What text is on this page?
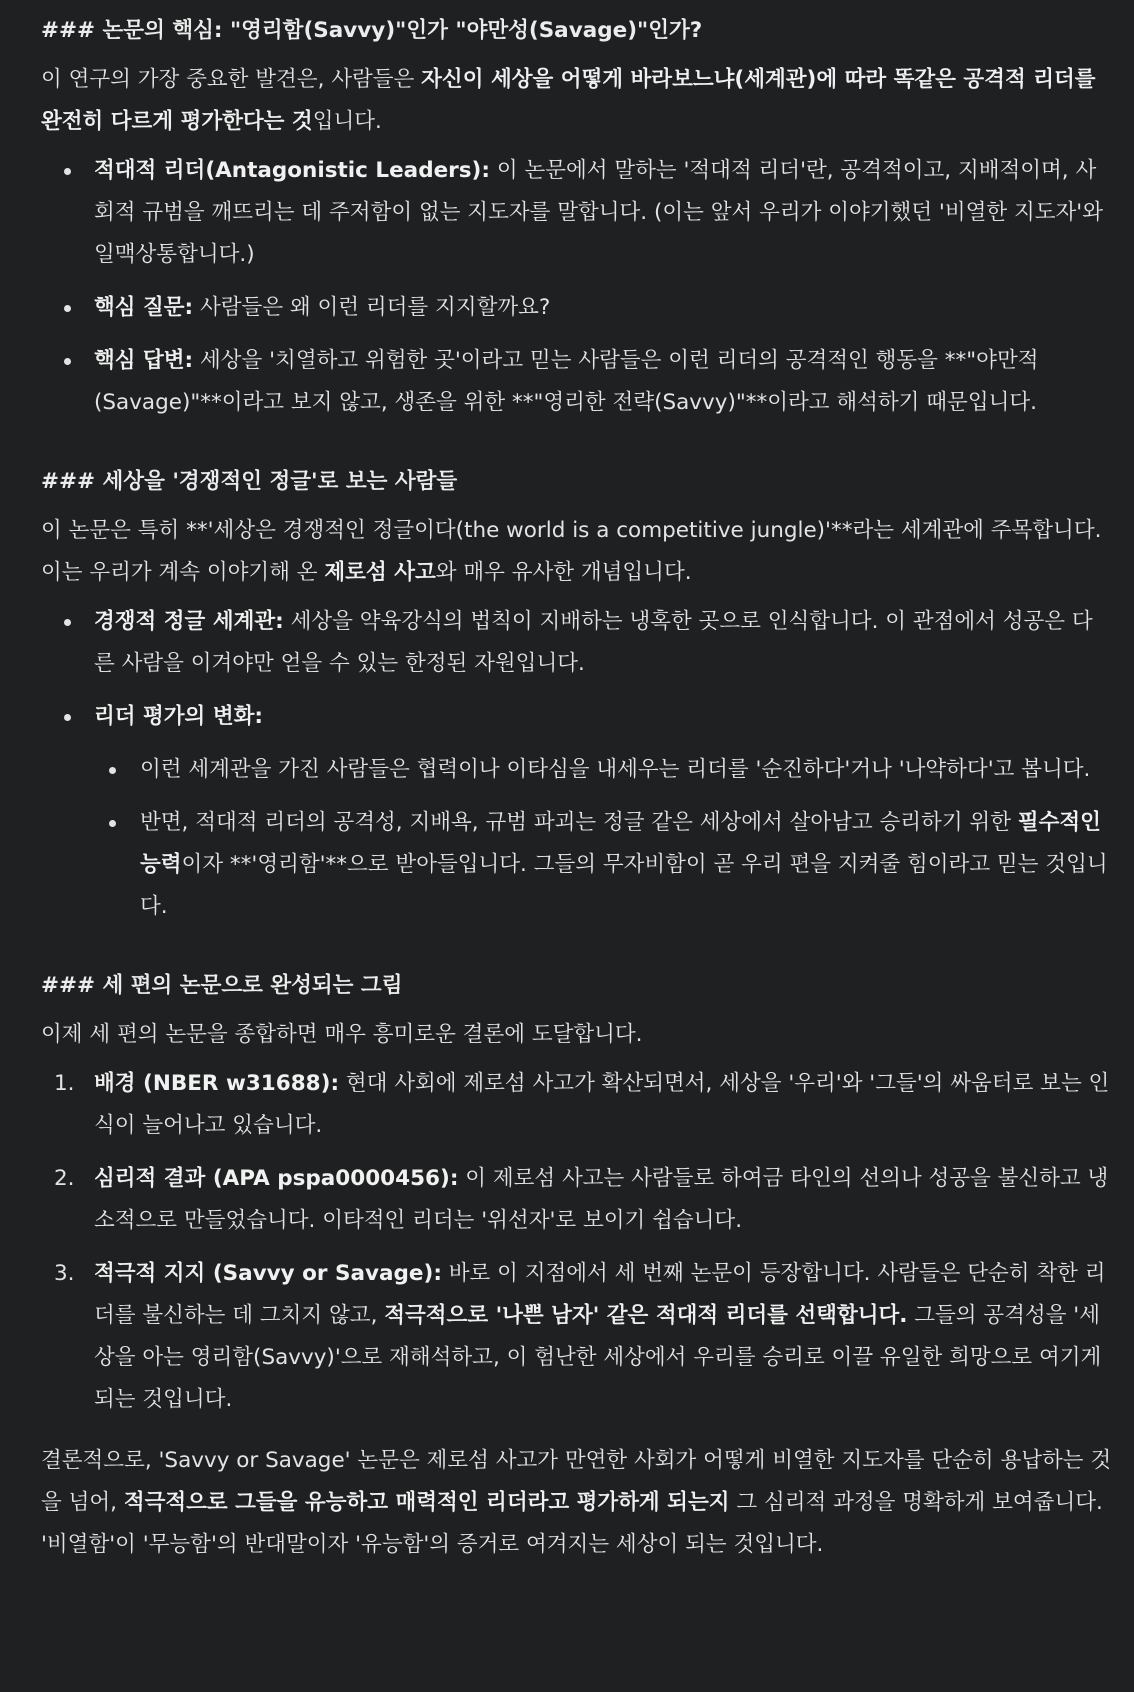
### 논문의 핵심: "영리함(Savvy)"인가 "야만성(Savage)"인가?

이 연구의 가장 중요한 발견은, 사람들은 자신이 세상을 어떻게 바라보느냐(세계관)에 따라 똑같은 공격적 리더를 완전히 다르게 평가한다는 것입니다.

적대적 리더(Antagonistic Leaders): 이 논문에서 말하는 '적대적 리더'란, 공격적이고, 지배적이며, 사회적 규범을 깨뜨리는 데 주저함이 없는 지도자를 말합니다. (이는 앞서 우리가 이야기했던 '비열한 지도자'와 일맥상통합니다.)
핵심 질문: 사람들은 왜 이런 리더를 지지할까요?
핵심 답변: 세상을 '치열하고 위험한 곳'이라고 믿는 사람들은 이런 리더의 공격적인 행동을 **"야만적(Savage)"**이라고 보지 않고, 생존을 위한 **"영리한 전략(Savvy)"**이라고 해석하기 때문입니다.

### 세상을 '경쟁적인 정글'로 보는 사람들

이 논문은 특히 **'세상은 경쟁적인 정글이다(the world is a competitive jungle)'**라는 세계관에 주목합니다. 이는 우리가 계속 이야기해 온 제로섬 사고와 매우 유사한 개념입니다.

경쟁적 정글 세계관: 세상을 약육강식의 법칙이 지배하는 냉혹한 곳으로 인식합니다. 이 관점에서 성공은 다른 사람을 이겨야만 얻을 수 있는 한정된 자원입니다.
리더 평가의 변화:
이런 세계관을 가진 사람들은 협력이나 이타심을 내세우는 리더를 '순진하다'거나 '나약하다'고 봅니다.
반면, 적대적 리더의 공격성, 지배욕, 규범 파괴는 정글 같은 세상에서 살아남고 승리하기 위한 필수적인 능력이자 **'영리함'**으로 받아들입니다. 그들의 무자비함이 곧 우리 편을 지켜줄 힘이라고 믿는 것입니다.

### 세 편의 논문으로 완성되는 그림

이제 세 편의 논문을 종합하면 매우 흥미로운 결론에 도달합니다.

1. 배경 (NBER w31688): 현대 사회에 제로섬 사고가 확산되면서, 세상을 '우리'와 '그들'의 싸움터로 보는 인식이 늘어나고 있습니다.
2. 심리적 결과 (APA pspa0000456): 이 제로섬 사고는 사람들로 하여금 타인의 선의나 성공을 불신하고 냉소적으로 만들었습니다. 이타적인 리더는 '위선자'로 보이기 쉽습니다.
3. 적극적 지지 (Savvy or Savage): 바로 이 지점에서 세 번째 논문이 등장합니다. 사람들은 단순히 착한 리더를 불신하는 데 그치지 않고, 적극적으로 '나쁜 남자' 같은 적대적 리더를 선택합니다. 그들의 공격성을 '세상을 아는 영리함(Savvy)'으로 재해석하고, 이 험난한 세상에서 우리를 승리로 이끌 유일한 희망으로 여기게 되는 것입니다.

결론적으로, 'Savvy or Savage' 논문은 제로섬 사고가 만연한 사회가 어떻게 비열한 지도자를 단순히 용납하는 것을 넘어, 적극적으로 그들을 유능하고 매력적인 리더라고 평가하게 되는지 그 심리적 과정을 명확하게 보여줍니다. '비열함'이 '무능함'의 반대말이자 '유능함'의 증거로 여겨지는 세상이 되는 것입니다.
